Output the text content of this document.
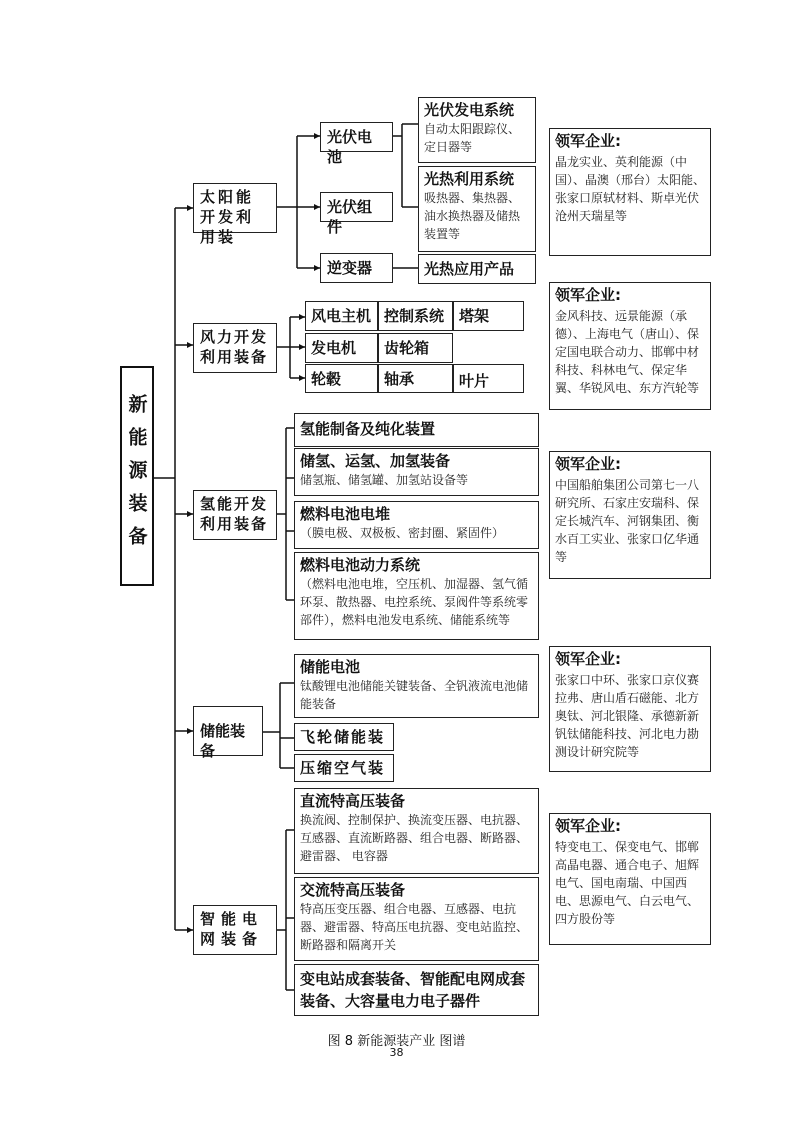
新能源装备
太阳能开发利用装
光伏电池
光伏组件
逆变器
光伏发电系统
自动太阳跟踪仪、定日器等
光热利用系统
吸热器、集热器、油水换热器及储热装置等
光热应用产品
领军企业:
晶龙实业、英利能源（中国）、晶澳（邢台）太阳能、张家口原轼材料、斯卓光伏
沧州天瑞星等
风力开发利用装备
风电主机 控制系统 塔架
发电机	齿轮箱
轮毂	轴承	叶片
领军企业:
金风科技、远景能源（承德）、上海电气（唐山）、保定国电联合动力、邯郸中材科技、科林电气、保定华翼、华锐风电、东方汽轮等
氢能开发利用装备
氢能制备及纯化装置
储氢、运氢、加氢装备
储氢瓶、储氢罐、加氢站设备等
燃料电池电堆
（膜电极、双极板、密封圈、紧固件）
燃料电池动力系统
（燃料电池电堆，空压机、加湿器、氢气循环泵、散热器、电控系统、泵阀件等系统零部件），燃料电池发电系统、储能系统等
领军企业:
中国船舶集团公司第七一八研究所、石家庄安瑞科、保定长城汽车、河钢集团、衡水百工实业、张家口亿华通等
储能装备
储能电池
钛酸锂电池储能关键装备、全钒液流电池储能装备
飞轮储能装
压缩空气装
领军企业:
张家口中环、张家口京仪赛拉弗、唐山盾石磁能、北方奥钛、河北银隆、承德新新钒钛储能科技、河北电力勘测设计研究院等
智能电网装备
直流特高压装备
换流阀、控制保护、换流变压器、电抗器、互感器、直流断路器、组合电器、断路器、避雷器、 电容器
交流特高压装备
特高压变压器、组合电器、互感器、电抗器、避雷器、特高压电抗器、变电站监控、断路器和隔离开关
变电站成套装备、智能配电网成套装备、大容量电力电子器件
领军企业:
特变电工、保变电气、邯郸高晶电器、通合电子、旭辉电气、国电南瑞、中国西电、思源电气、白云电气、四方股份等
图 8 新能源装产业 图谱
38
